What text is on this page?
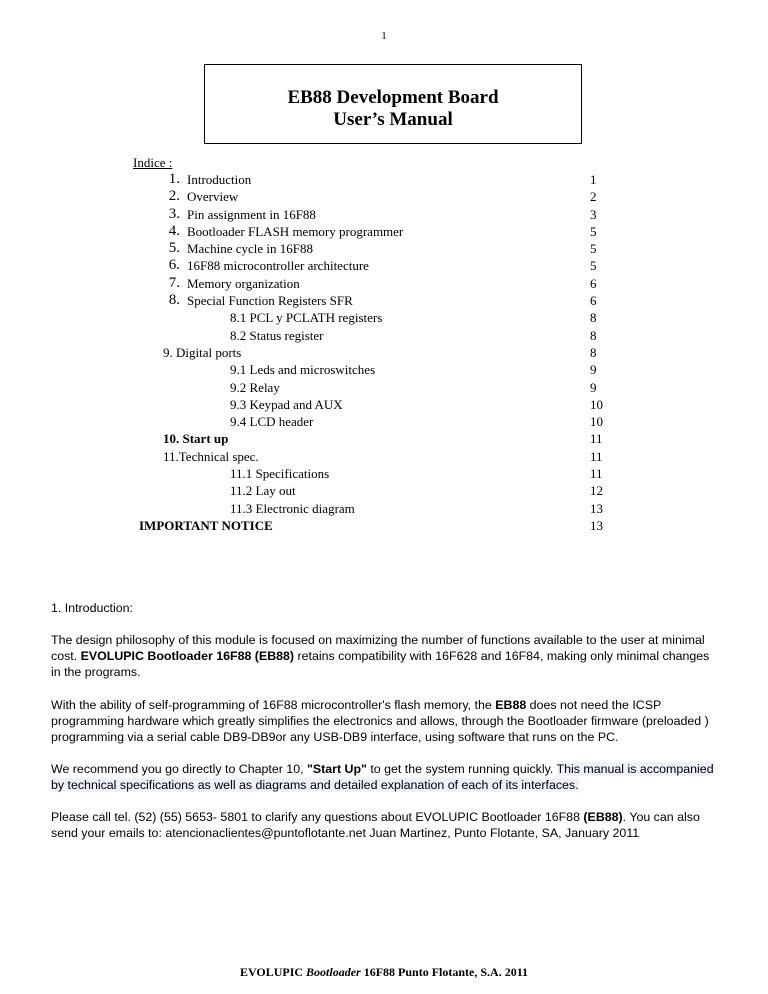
1
EB88 Development Board
User’s Manual
Indice :
1. Introduction	1
2. Overview	2
3. Pin assignment in 16F88	3
4. Bootloader FLASH memory programmer	5
5. Machine cycle in 16F88	5
6. 16F88 microcontroller architecture	5
7. Memory organization	6
8. Special Function Registers SFR	6
8.1 PCL y PCLATH registers	8
8.2 Status register	8
9. Digital ports	8
9.1 Leds and microswitches	9
9.2 Relay	9
9.3 Keypad and AUX	10
9.4 LCD header	10
10. Start up	11
11.Technical spec.	11
11.1 Specifications	11
11.2 Lay out	12
11.3 Electronic diagram	13
IMPORTANT NOTICE	13
1. Introduction:

The design philosophy of this module is focused on maximizing the number of functions available to the user at minimal cost. EVOLUPIC Bootloader 16F88 (EB88) retains compatibility with 16F628 and 16F84, making only minimal changes in the programs.

With the ability of self-programming of 16F88 microcontroller's flash memory, the EB88 does not need the ICSP programming hardware which greatly simplifies the electronics and allows, through the Bootloader firmware (preloaded ) programming via a serial cable DB9-DB9or any USB-DB9 interface, using software that runs on the PC.

We recommend you go directly to Chapter 10, "Start Up" to get the system running quickly. This manual is accompanied by technical specifications as well as diagrams and detailed explanation of each of its interfaces.

Please call tel. (52) (55) 5653- 5801 to clarify any questions about EVOLUPIC Bootloader 16F88 (EB88). You can also send your emails to: atencionaclientes@puntoflotante.net Juan Martinez, Punto Flotante, SA, January 2011

EVOLUPIC Bootloader 16F88 Punto Flotante, S.A. 2011
